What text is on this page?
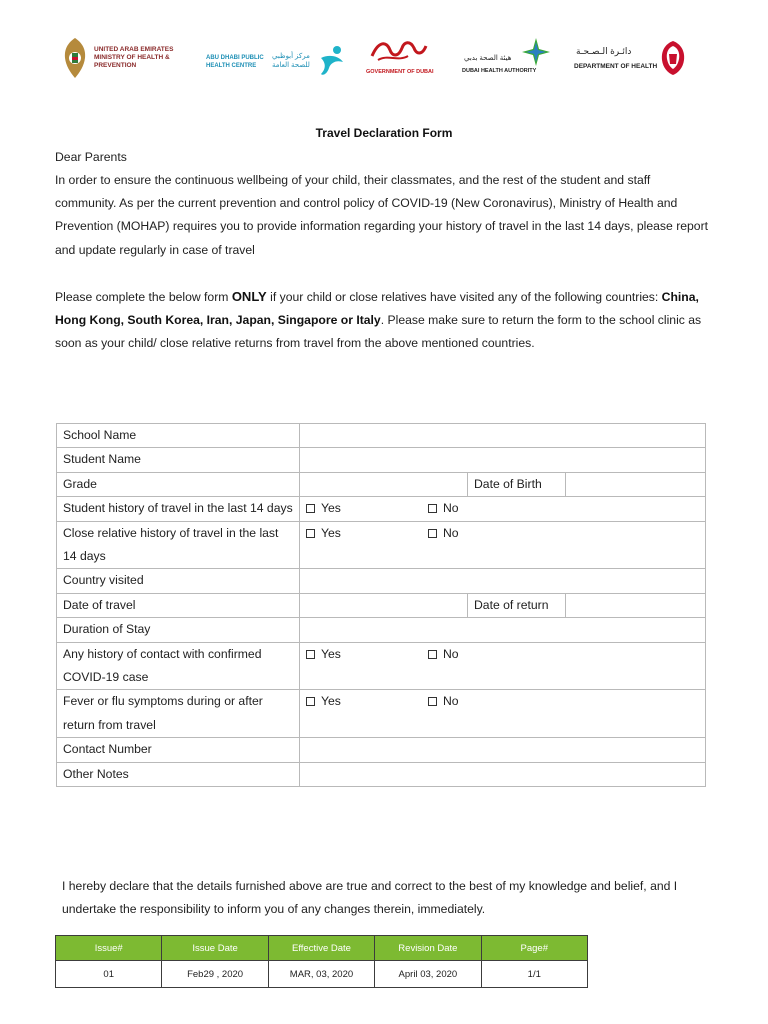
UNITED ARAB EMIRATES
MINISTRY OF HEALTH & PREVENTION
ABU DHABI PUBLIC
HEALTH CENTRE
مركز أبوظبي
للصحة العامة
GOVERNMENT OF DUBAI
هيئة الصحة بدبي
DUBAI HEALTH AUTHORITY
دائـرة الـصـحـة
DEPARTMENT OF HEALTH
Travel Declaration Form
Dear Parents
In order to ensure the continuous wellbeing of your child, their classmates, and the rest of the student and staff community. As per the current prevention and control policy of COVID-19 (New Coronavirus), Ministry of Health and Prevention (MOHAP) requires you to provide information regarding your history of travel in the last 14 days, please report and update regularly in case of travel
Please complete the below form ONLY if your child or close relatives have visited any of the following countries: China, Hong Kong, South Korea, Iran, Japan, Singapore or Italy. Please make sure to return the form to the school clinic as soon as your child/ close relative returns from travel from the above mentioned countries.
School Name			
Student Name			
Grade		Date of Birth	
Student history of travel in the last 14 days	Yes No		
Close relative history of travel in the last 14 days	Yes No		
Country visited			
Date of travel		Date of return	
Duration of Stay			
Any history of contact with confirmed COVID-19 case	Yes No		
Fever or flu symptoms during or after return from travel	Yes No		
Contact Number			
Other Notes			
I hereby declare that the details furnished above are true and correct to the best of my knowledge and belief, and I undertake the responsibility to inform you of any changes therein, immediately.
Issue#	Issue Date	Effective Date	Revision Date	Page#
01	Feb29 , 2020	MAR, 03, 2020	April 03, 2020	1/1
